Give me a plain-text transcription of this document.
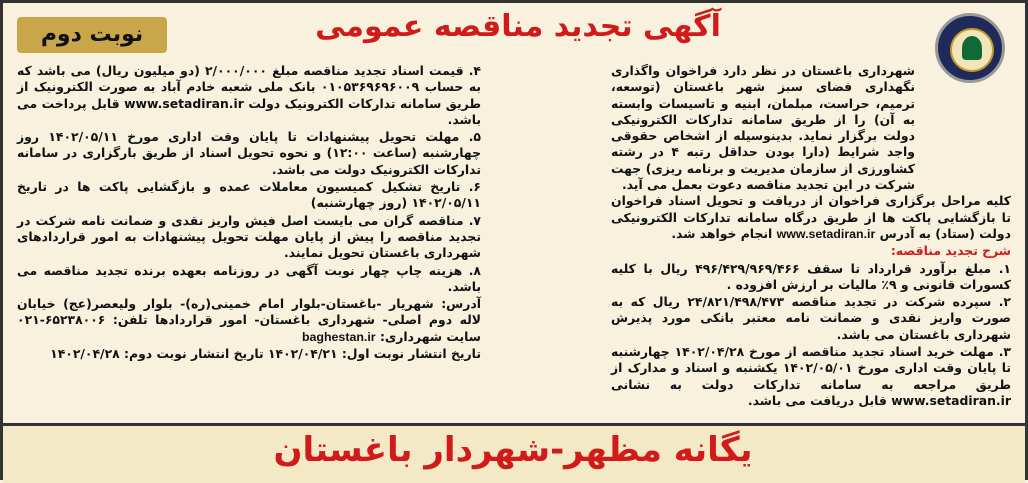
نوبت دوم	آگهی تجدید مناقصه عمومی

شهرداری باغستان در نظر دارد فراخوان واگذاری نگهداری فضای سبز شهر باغستان (توسعه، ترمیم، حراست، مبلمان، ابنیه و تاسیسات وابسته به آن) را از طریق سامانه تدارکات الکترونیکی دولت برگزار نماید. بدینوسیله از اشخاص حقوقی واجد شرایط (دارا بودن حداقل رتبه ۴ در رشته کشاورزی از سازمان مدیریت و برنامه ریزی) جهت شرکت در این تجدید مناقصه دعوت بعمل می آید.

کلیه مراحل برگزاری فراخوان از دریافت و تحویل اسناد فراخوان تا بازگشایی پاکت ها از طریق درگاه سامانه تدارکات الکترونیکی دولت (ستاد) به آدرس www.setadiran.ir انجام خواهد شد.

شرح تجدید مناقصه:

۱. مبلغ برآورد قرارداد تا سقف ۴۹۶/۴۲۹/۹۶۹/۴۶۶ ریال با کلیه کسورات قانونی و ۹٪ مالیات بر ارزش افزوده .

۲. سپرده شرکت در تجدید مناقصه ۲۴/۸۲۱/۴۹۸/۴۷۳ ریال که به صورت واریز نقدی و ضمانت نامه معتبر بانکی مورد پذیرش شهرداری باغستان می باشد.

۳. مهلت خرید اسناد تجدید مناقصه از مورخ ۱۴۰۲/۰۴/۲۸ چهارشنبه تا پایان وقت اداری مورخ ۱۴۰۲/۰۵/۰۱ یکشنبه و اسناد و مدارک از طریق مراجعه به سامانه تدارکات دولت به نشانی www.setadiran.ir قابل دریافت می باشد.

۴. قیمت اسناد تجدید مناقصه مبلغ ۲/۰۰۰/۰۰۰ (دو میلیون ریال) می باشد که به حساب ۰۱۰۵۳۶۹۶۹۶۰۰۹ بانک ملی شعبه خادم آباد به صورت الکترونیک از طریق سامانه تدارکات الکترونیک دولت www.setadiran.ir قابل پرداخت می باشد.

۵. مهلت تحویل پیشنهادات تا پایان وقت اداری مورخ ۱۴۰۲/۰۵/۱۱ روز چهارشنبه (ساعت ۱۲:۰۰) و نحوه تحویل اسناد از طریق بارگزاری در سامانه تدارکات الکترونیک دولت می باشد.

۶. تاریخ تشکیل کمیسیون معاملات عمده و بازگشایی پاکت ها در تاریخ ۱۴۰۲/۰۵/۱۱ (روز چهارشنبه)

۷. مناقصه گران می بایست اصل فیش واریز نقدی و ضمانت نامه شرکت در تجدید مناقصه را پیش از پایان مهلت تحویل پیشنهادات به امور قراردادهای شهرداری باغستان تحویل نمایند.

۸. هزینه چاپ چهار نوبت آگهی در روزنامه بعهده برنده تجدید مناقصه می باشد.

آدرس: شهریار -باغستان-بلوار امام خمینی(ره)- بلوار ولیعصر(عج) خیابان لاله دوم اصلی- شهرداری باغستان- امور قراردادها تلفن: ۶۵۲۳۸۰۰۶-۰۲۱ سایت شهرداری: baghestan.ir

تاریخ انتشار نوبت اول: ۱۴۰۲/۰۴/۲۱ تاریخ انتشار نوبت دوم: ۱۴۰۲/۰۴/۲۸

یگانه مظهر-شهردار باغستان
